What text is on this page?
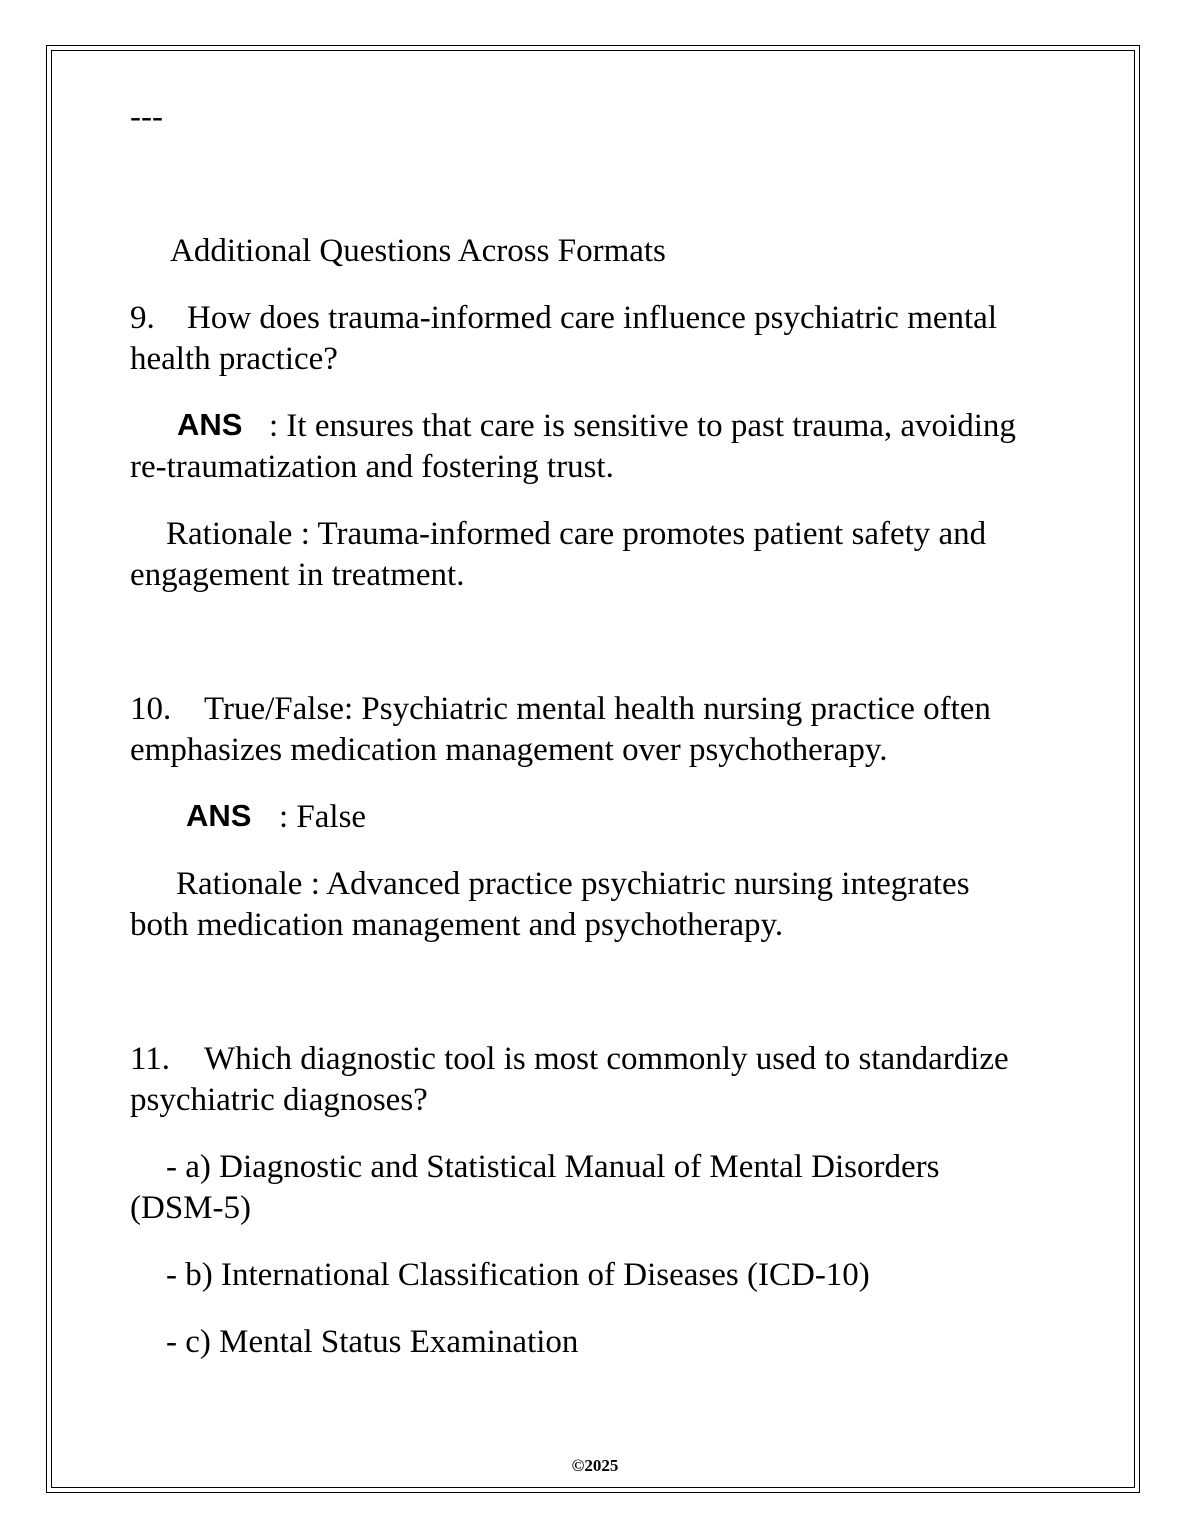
---
Additional Questions Across Formats
9. How does trauma-informed care influence psychiatric mental
health practice?
ANS : It ensures that care is sensitive to past trauma, avoiding
re-traumatization and fostering trust.
Rationale : Trauma-informed care promotes patient safety and
engagement in treatment.
10. True/False: Psychiatric mental health nursing practice often
emphasizes medication management over psychotherapy.
ANS : False
Rationale : Advanced practice psychiatric nursing integrates
both medication management and psychotherapy.
11. Which diagnostic tool is most commonly used to standardize
psychiatric diagnoses?
- a) Diagnostic and Statistical Manual of Mental Disorders
(DSM-5)
- b) International Classification of Diseases (ICD-10)
- c) Mental Status Examination
©2025
